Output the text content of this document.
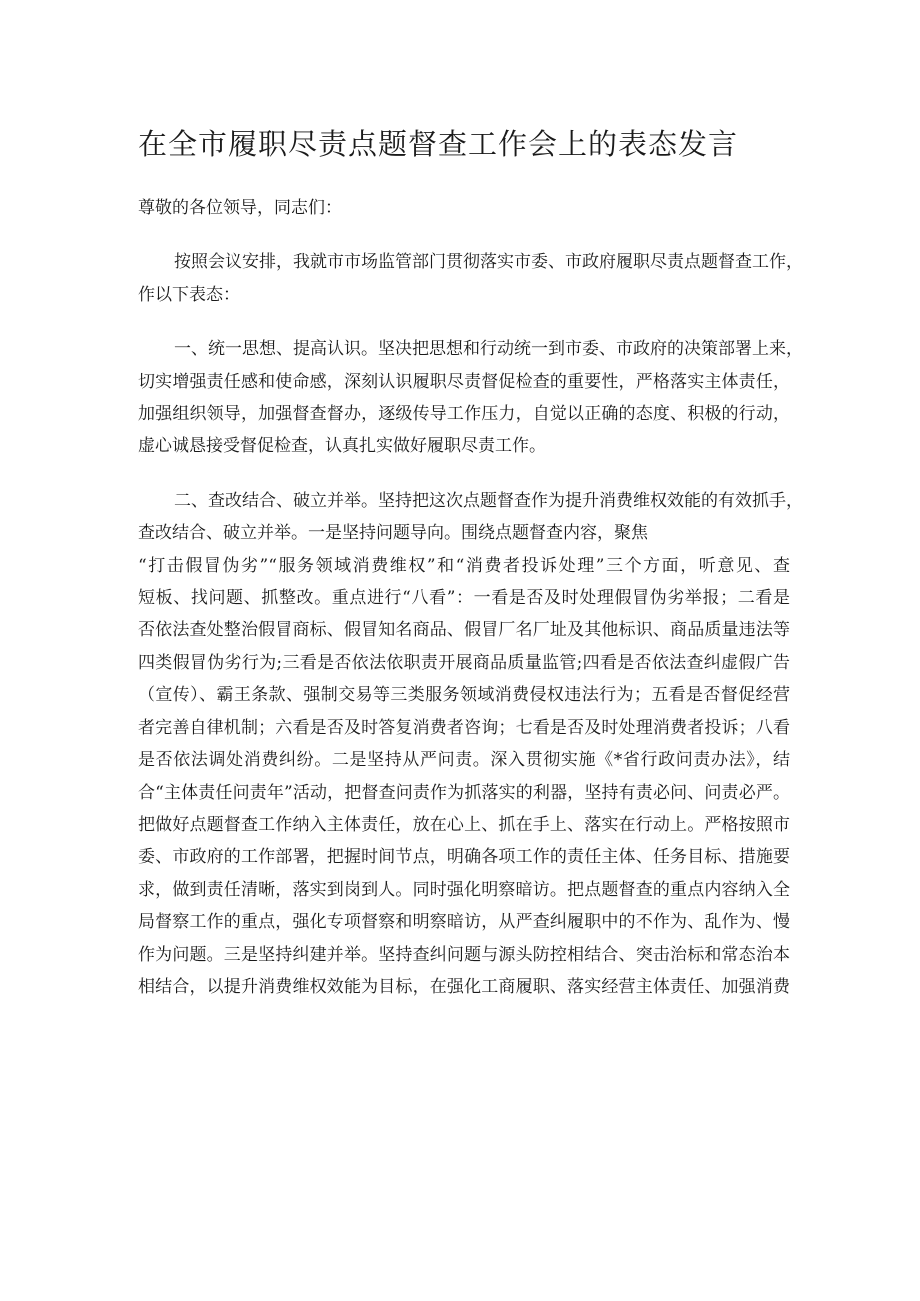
在全市履职尽责点题督查工作会上的表态发言

尊敬的各位领导，同志们：

按照会议安排，我就市市场监管部门贯彻落实市委、市政府履职尽责点题督查工作，
作以下表态：
一、统一思想、提高认识。坚决把思想和行动统一到市委、市政府的决策部署上来，
切实增强责任感和使命感，深刻认识履职尽责督促检查的重要性，严格落实主体责任，
加强组织领导，加强督查督办，逐级传导工作压力，自觉以正确的态度、积极的行动，
虚心诚恳接受督促检查，认真扎实做好履职尽责工作。
二、查改结合、破立并举。坚持把这次点题督查作为提升消费维权效能的有效抓手，
查改结合、破立并举。一是坚持问题导向。围绕点题督查内容，聚焦
“打击假冒伪劣”“服务领域消费维权”和“消费者投诉处理”三个方面，听意见、查
短板、找问题、抓整改。重点进行“八看”：一看是否及时处理假冒伪劣举报；二看是
否依法查处整治假冒商标、假冒知名商品、假冒厂名厂址及其他标识、商品质量违法等
四类假冒伪劣行为;三看是否依法依职责开展商品质量监管;四看是否依法查纠虚假广告
（宣传）、霸王条款、强制交易等三类服务领域消费侵权违法行为；五看是否督促经营
者完善自律机制；六看是否及时答复消费者咨询；七看是否及时处理消费者投诉；八看
是否依法调处消费纠纷。二是坚持从严问责。深入贯彻实施《*省行政问责办法》，结
合“主体责任问责年”活动，把督查问责作为抓落实的利器，坚持有责必问、问责必严。
把做好点题督查工作纳入主体责任，放在心上、抓在手上、落实在行动上。严格按照市
委、市政府的工作部署，把握时间节点，明确各项工作的责任主体、任务目标、措施要
求，做到责任清晰，落实到岗到人。同时强化明察暗访。把点题督查的重点内容纳入全
局督察工作的重点，强化专项督察和明察暗访，从严查纠履职中的不作为、乱作为、慢
作为问题。三是坚持纠建并举。坚持查纠问题与源头防控相结合、突击治标和常态治本
相结合，以提升消费维权效能为目标，在强化工商履职、落实经营主体责任、加强消费
